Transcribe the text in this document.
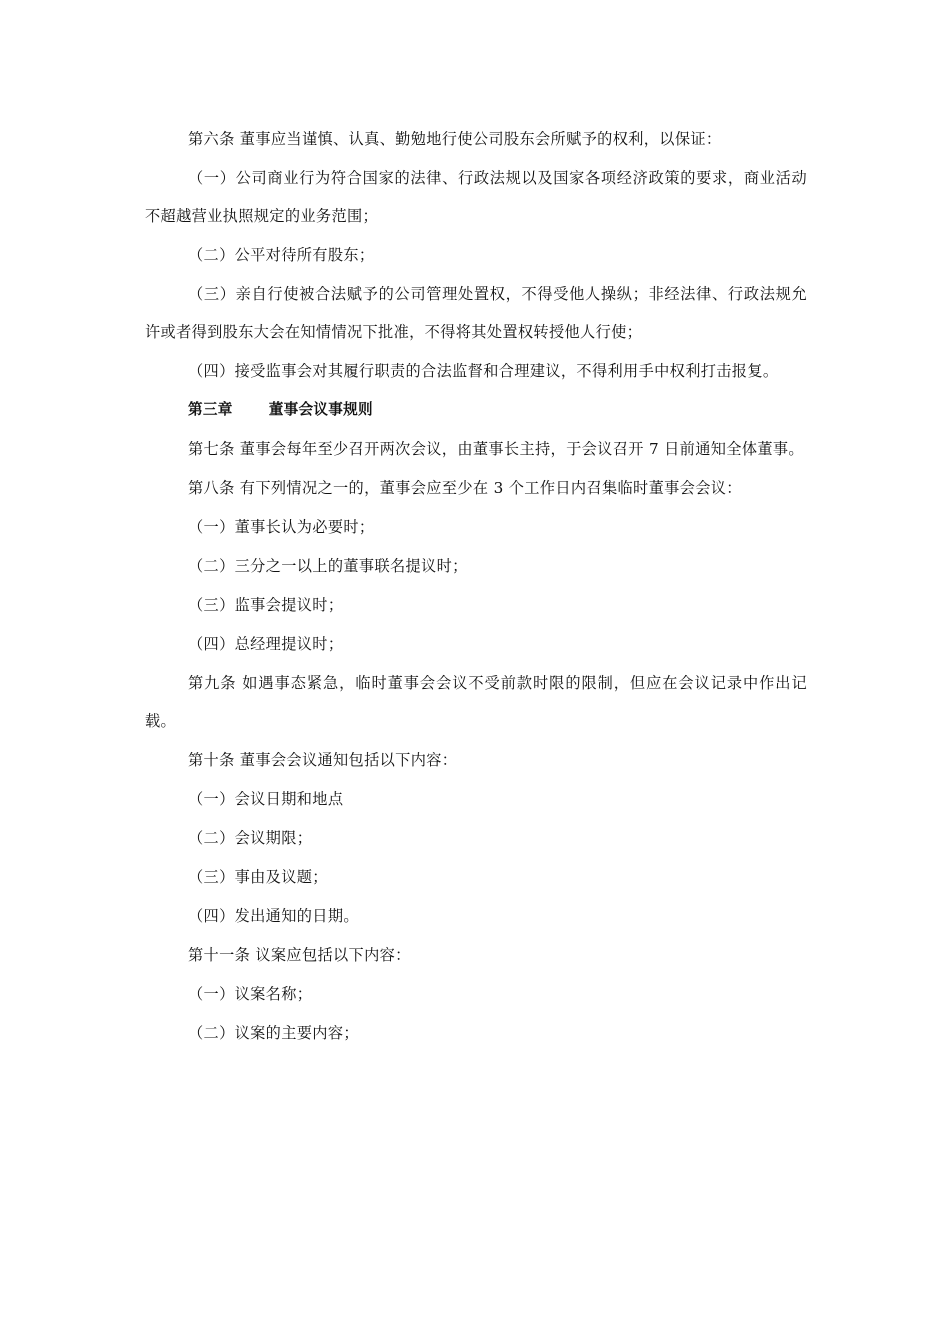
第六条 董事应当谨慎、认真、勤勉地行使公司股东会所赋予的权利，以保证：

（一）公司商业行为符合国家的法律、行政法规以及国家各项经济政策的要求，商业活动不超越营业执照规定的业务范围；

（二）公平对待所有股东；

（三）亲自行使被合法赋予的公司管理处置权，不得受他人操纵；非经法律、行政法规允许或者得到股东大会在知情情况下批准，不得将其处置权转授他人行使；

（四）接受监事会对其履行职责的合法监督和合理建议，不得利用手中权利打击报复。

第三章 董事会议事规则

第七条 董事会每年至少召开两次会议，由董事长主持，于会议召开 7 日前通知全体董事。

第八条 有下列情况之一的，董事会应至少在 3 个工作日内召集临时董事会会议：

（一）董事长认为必要时；

（二）三分之一以上的董事联名提议时；

（三）监事会提议时；

（四）总经理提议时；

第九条 如遇事态紧急，临时董事会会议不受前款时限的限制，但应在会议记录中作出记载。

第十条 董事会会议通知包括以下内容：

（一）会议日期和地点

（二）会议期限；

（三）事由及议题；

（四）发出通知的日期。

第十一条 议案应包括以下内容：

（一）议案名称；

（二）议案的主要内容；
